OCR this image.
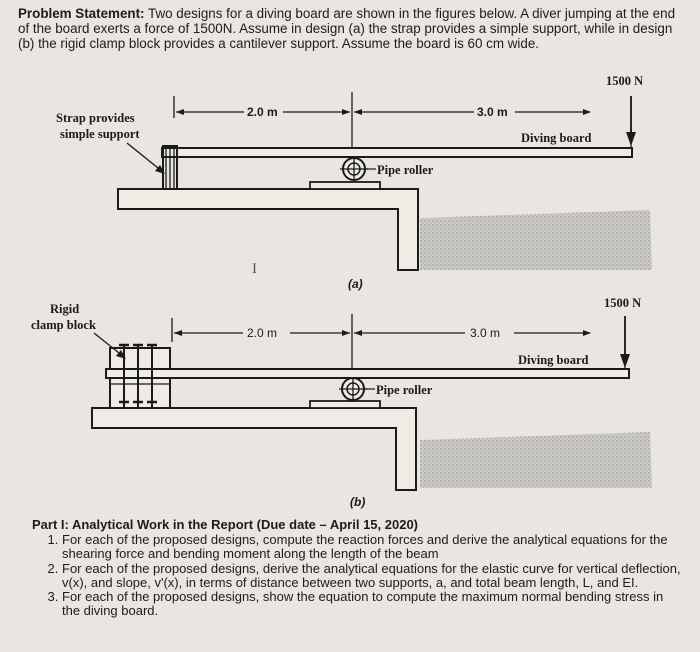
Problem Statement: Two designs for a diving board are shown in the figures below. A diver jumping at the end of the board exerts a force of 1500N. Assume in design (a) the strap provides a simple support, while in design (b) the rigid clamp block provides a cantilever support. Assume the board is 60 cm wide.

Pipe roller
2.0 m	3.0 m
1500 N
Strap provides
simple support	Diving board
I
(a)
Pipe roller
2.0 m	3.0 m
1500 N
Rigid
clamp block
Diving board
(b)

Part I: Analytical Work in the Report (Due date – April 15, 2020)

1. For each of the proposed designs, compute the reaction forces and derive the analytical equations for the shearing force and bending moment along the length of the beam
2. For each of the proposed designs, derive the analytical equations for the elastic curve for vertical deflection, v(x), and slope, v'(x), in terms of distance between two supports, a, and total beam length, L, and EI.
3. For each of the proposed designs, show the equation to compute the maximum normal bending stress in the diving board.
